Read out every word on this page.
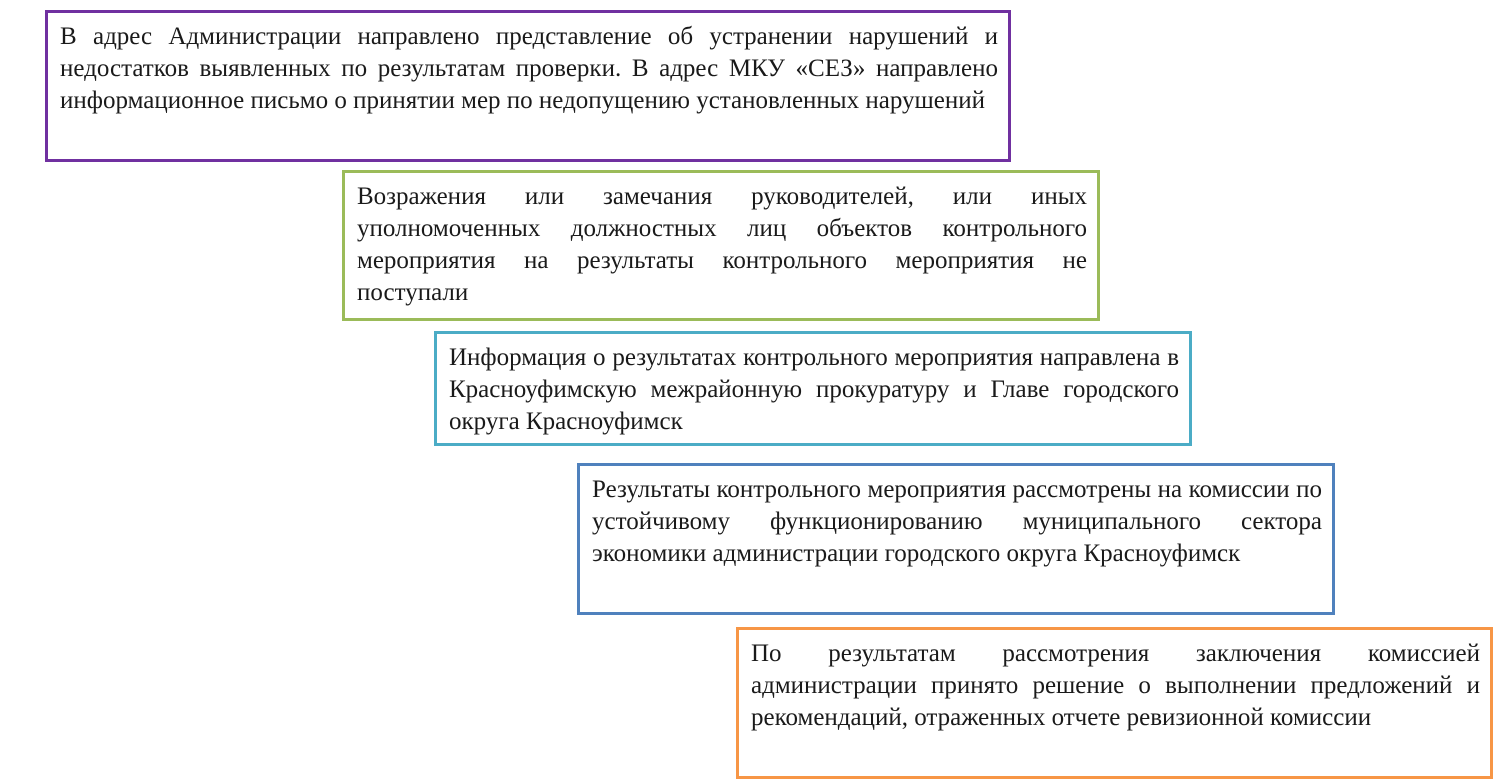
В адрес Администрации направлено представление об устранении нарушений и недостатков выявленных по результатам проверки. В адрес МКУ «СЕЗ» направлено информационное письмо о принятии мер по недопущению установленных нарушений
Возражения или замечания руководителей, или иных уполномоченных должностных лиц объектов контрольного мероприятия на результаты контрольного мероприятия не поступали
Информация о результатах контрольного мероприятия направлена в Красноуфимскую межрайонную прокуратуру и Главе городского округа Красноуфимск
Результаты контрольного мероприятия рассмотрены на комиссии по устойчивому функционированию муниципального сектора экономики администрации городского округа Красноуфимск
По результатам рассмотрения заключения комиссией администрации принято решение о выполнении предложений и рекомендаций, отраженных отчете ревизионной комиссии
